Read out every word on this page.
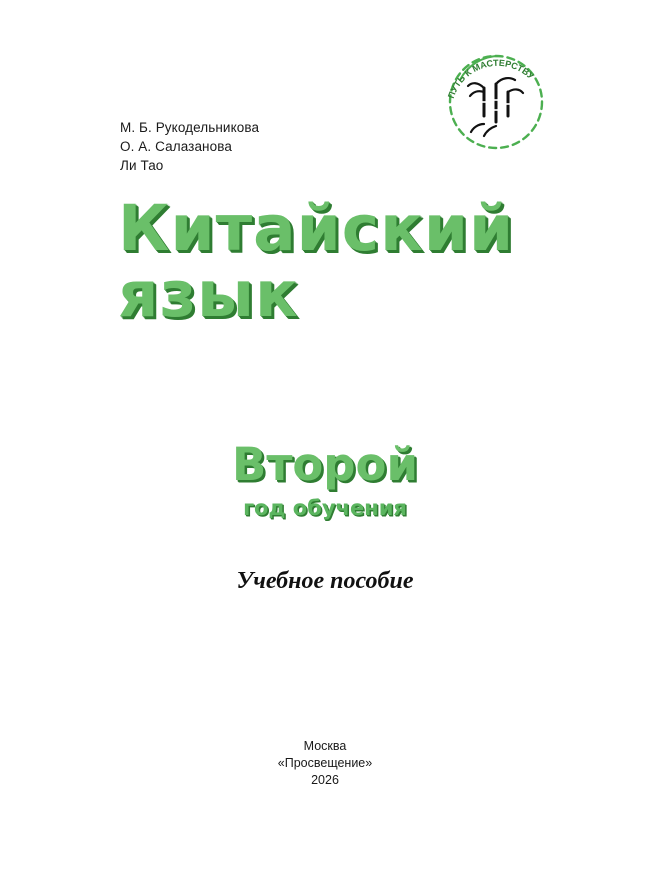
ПУТЬ К МАСТЕРСТВУ
М. Б. Рукодельникова
О. А. Салазанова
Ли Тао
Китайский
язык
Второй
год обучения
Учебное пособие
Москва
«Просвещение»
2026
